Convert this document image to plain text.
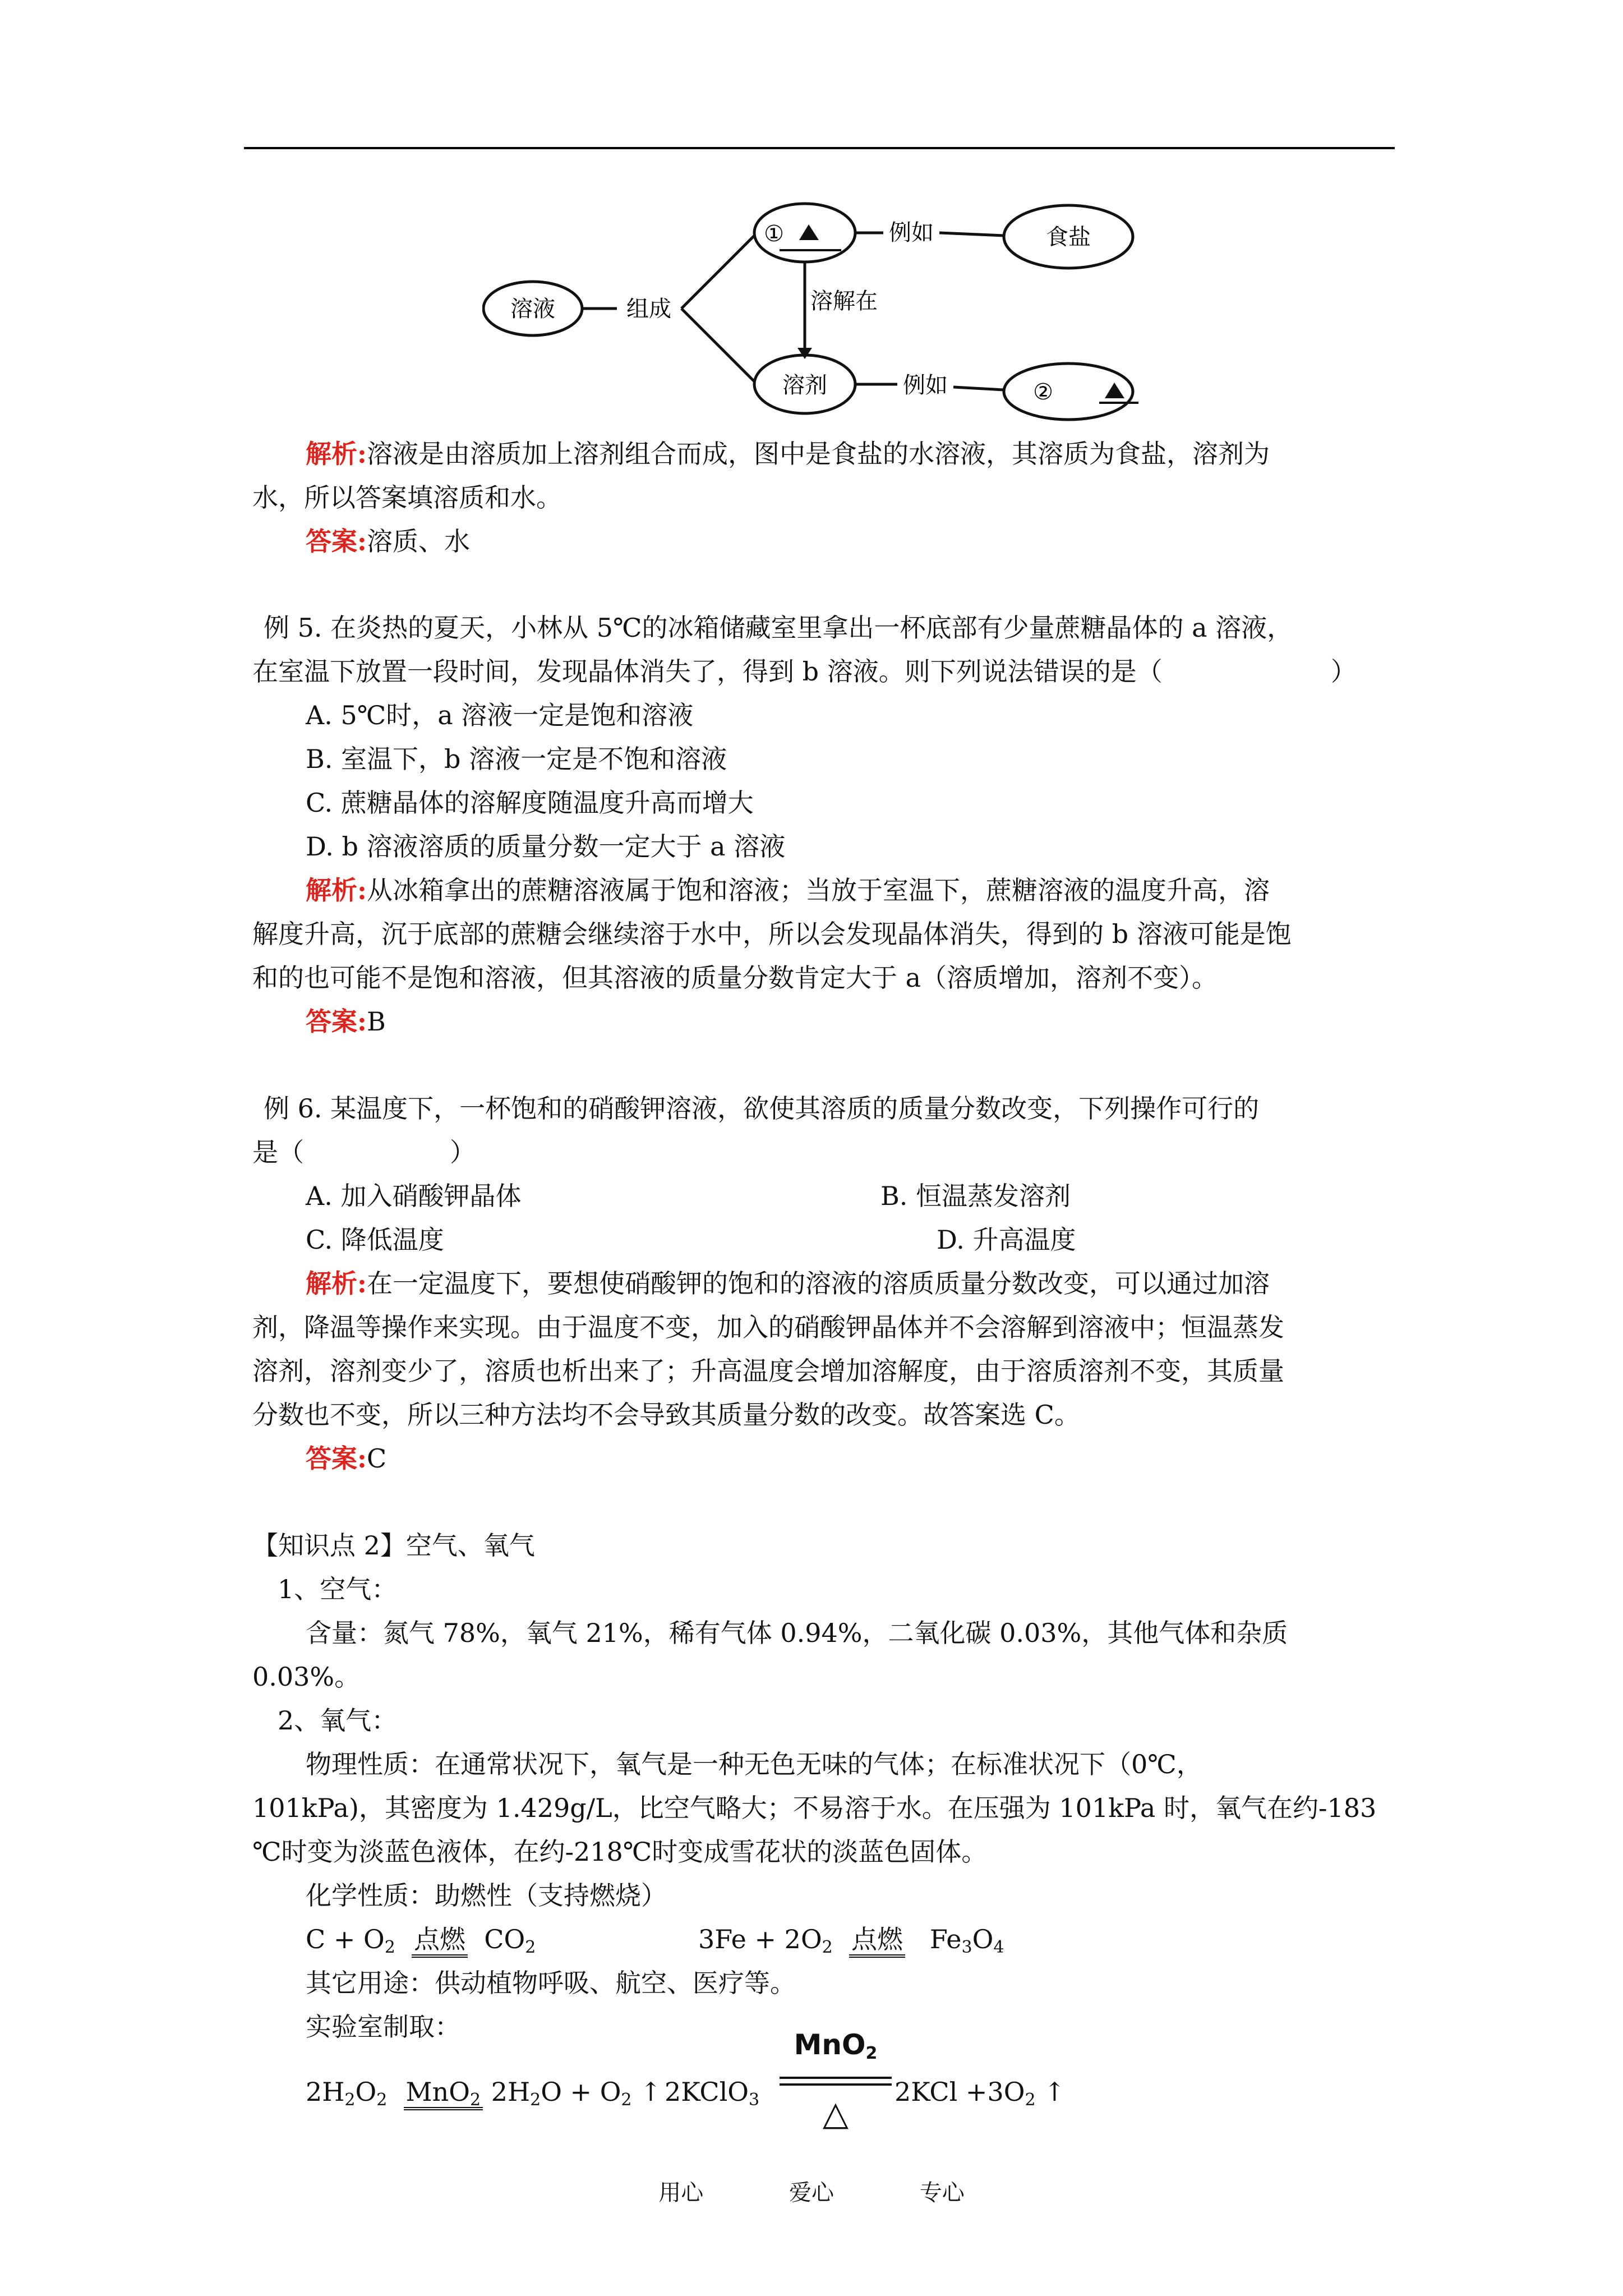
溶液	组成
①
溶解在
溶剂
例如
例如
食盐
②

解析:溶液是由溶质加上溶剂组合而成，图中是食盐的水溶液，其溶质为食盐，溶剂为

水，所以答案填溶质和水。

答案:溶质、水

例 5. 在炎热的夏天，小林从 5℃的冰箱储藏室里拿出一杯底部有少量蔗糖晶体的 a 溶液，

在室温下放置一段时间，发现晶体消失了，得到 b 溶液。则下列说法错误的是（	）

A. 5℃时，a 溶液一定是饱和溶液

B. 室温下，b 溶液一定是不饱和溶液

C. 蔗糖晶体的溶解度随温度升高而增大

D. b 溶液溶质的质量分数一定大于 a 溶液

解析:从冰箱拿出的蔗糖溶液属于饱和溶液；当放于室温下，蔗糖溶液的温度升高，溶

解度升高，沉于底部的蔗糖会继续溶于水中，所以会发现晶体消失，得到的 b 溶液可能是饱

和的也可能不是饱和溶液，但其溶液的质量分数肯定大于 a（溶质增加，溶剂不变）。

答案:B

例 6. 某温度下，一杯饱和的硝酸钾溶液，欲使其溶质的质量分数改变，下列操作可行的

是（	）

A. 加入硝酸钾晶体	B. 恒温蒸发溶剂

C. 降低温度	D. 升高温度

解析:在一定温度下，要想使硝酸钾的饱和的溶液的溶质质量分数改变，可以通过加溶

剂，降温等操作来实现。由于温度不变，加入的硝酸钾晶体并不会溶解到溶液中；恒温蒸发

溶剂，溶剂变少了，溶质也析出来了；升高温度会增加溶解度，由于溶质溶剂不变，其质量

分数也不变，所以三种方法均不会导致其质量分数的改变。故答案选 C。

答案:C

【知识点 2】空气、氧气

1、空气：

含量：氮气 78%，氧气 21%，稀有气体 0.94%，二氧化碳 0.03%，其他气体和杂质

0.03%。

2、氧气：

物理性质：在通常状况下，氧气是一种无色无味的气体；在标准状况下（0℃，

101kPa)，其密度为 1.429g/L，比空气略大；不易溶于水。在压强为 101kPa 时，氧气在约-183

℃时变为淡蓝色液体，在约-218℃时变成雪花状的淡蓝色固体。

化学性质：助燃性（支持燃烧）

$C + O_2$ 点燃 $CO_2$	$3Fe + 2O_2$ 点燃 $Fe_3O_4$

其它用途：供动植物呼吸、航空、医疗等。

实验室制取：

$2H_2O_2$ MnO$_2$ $2H_2O + O_2$ ↑ 2KClO$_3$

MnO$_2$
△

$2KCl +3O_2$ ↑

用心	爱心	专心
